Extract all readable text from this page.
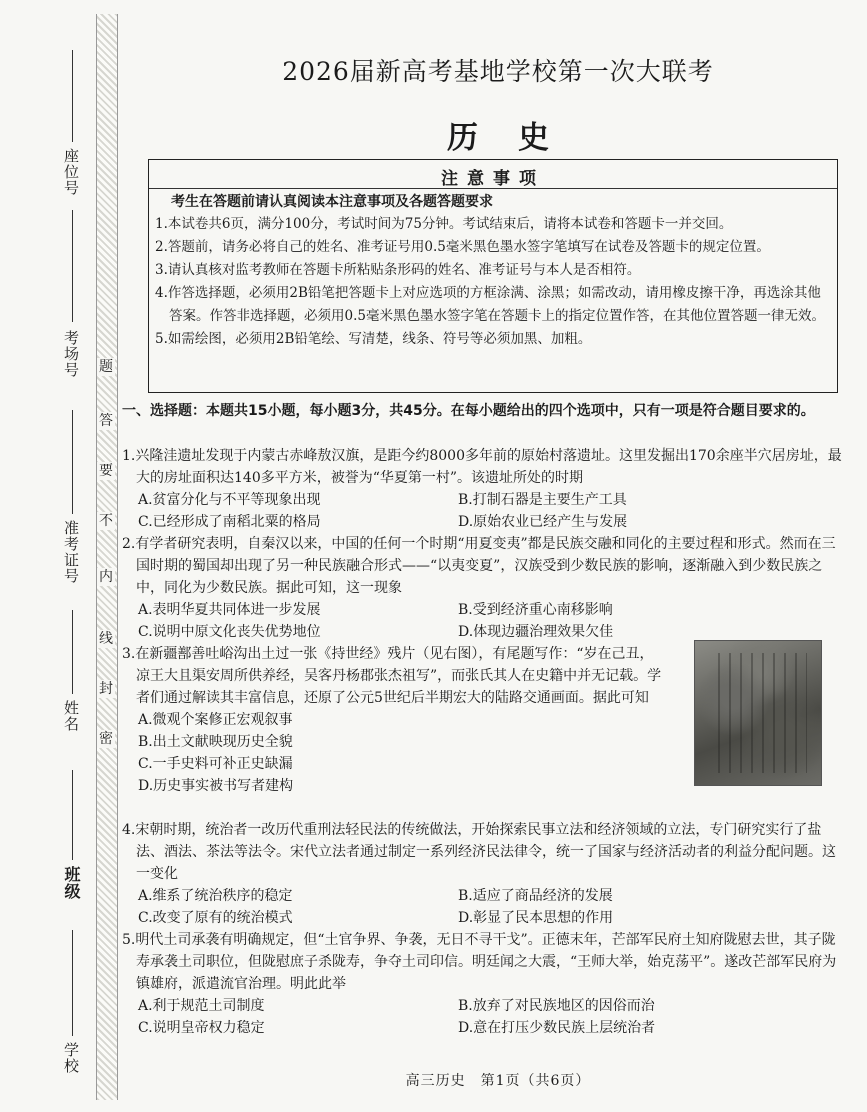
座位号
考场号
准考证号
姓名
班级
学校
密
封
线
内
不
要
答
题
2026届新高考基地学校第一次大联考
历史
注意事项
考生在答题前请认真阅读本注意事项及各题答题要求
1.本试卷共6页，满分100分，考试时间为75分钟。考试结束后，请将本试卷和答题卡一并交回。
2.答题前，请务必将自己的姓名、准考证号用0.5毫米黑色墨水签字笔填写在试卷及答题卡的规定位置。
3.请认真核对监考教师在答题卡所粘贴条形码的姓名、准考证号与本人是否相符。
4.作答选择题，必须用2B铅笔把答题卡上对应选项的方框涂满、涂黑；如需改动，请用橡皮擦干净，再选涂其他答案。作答非选择题，必须用0.5毫米黑色墨水签字笔在答题卡上的指定位置作答，在其他位置答题一律无效。
5.如需绘图，必须用2B铅笔绘、写清楚，线条、符号等必须加黑、加粗。
一、选择题：本题共15小题，每小题3分，共45分。在每小题给出的四个选项中，只有一项是符合题目要求的。
1.兴隆洼遗址发现于内蒙古赤峰敖汉旗，是距今约8000多年前的原始村落遗址。这里发掘出170余座半穴居房址，最大的房址面积达140多平方米，被誉为“华夏第一村”。该遗址所处的时期
A.贫富分化与不平等现象出现	B.打制石器是主要生产工具
C.已经形成了南稻北粟的格局	D.原始农业已经产生与发展
2.有学者研究表明，自秦汉以来，中国的任何一个时期“用夏变夷”都是民族交融和同化的主要过程和形式。然而在三国时期的蜀国却出现了另一种民族融合形式——“以夷变夏”，汉族受到少数民族的影响，逐渐融入到少数民族之中，同化为少数民族。据此可知，这一现象
A.表明华夏共同体进一步发展	B.受到经济重心南移影响
C.说明中原文化丧失优势地位	D.体现边疆治理效果欠佳
3.在新疆鄯善吐峪沟出土过一张《持世经》残片（见右图），有尾题写作：“岁在己丑，凉王大且渠安周所供养经，吴客丹杨郡张杰祖写”，而张氏其人在史籍中并无记载。学者们通过解读其丰富信息，还原了公元5世纪后半期宏大的陆路交通画面。据此可知
A.微观个案修正宏观叙事
B.出土文献映现历史全貌
C.一手史料可补正史缺漏
D.历史事实被书写者建构
4.宋朝时期，统治者一改历代重刑法轻民法的传统做法，开始探索民事立法和经济领域的立法，专门研究实行了盐法、酒法、茶法等法令。宋代立法者通过制定一系列经济民法律令，统一了国家与经济活动者的利益分配问题。这一变化
A.维系了统治秩序的稳定	B.适应了商品经济的发展
C.改变了原有的统治模式	D.彰显了民本思想的作用
5.明代土司承袭有明确规定，但“土官争界、争袭，无日不寻干戈”。正德末年，芒部军民府土知府陇慰去世，其子陇寿承袭土司职位，但陇慰庶子杀陇寿，争夺土司印信。明廷闻之大震，“王师大举，始克荡平”。遂改芒部军民府为镇雄府，派遣流官治理。明此此举
A.利于规范土司制度	B.放弃了对民族地区的因俗而治
C.说明皇帝权力稳定	D.意在打压少数民族上层统治者
高三历史　第1页（共6页）
